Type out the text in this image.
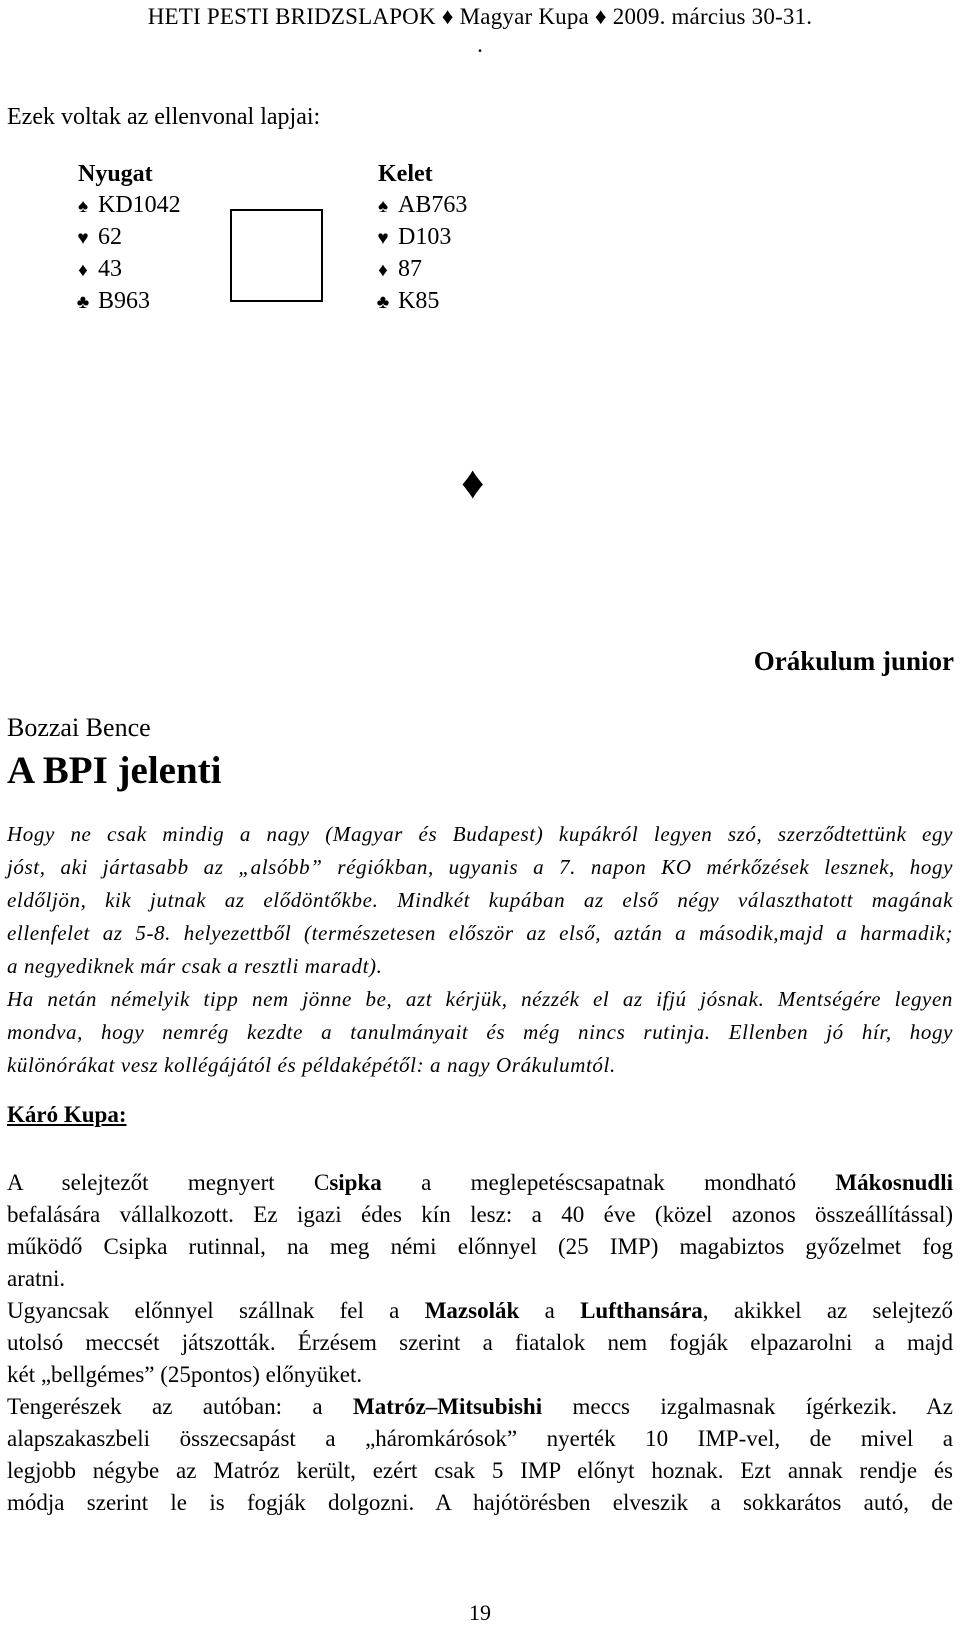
HETI PESTI BRIDZSLAPOK ♦ Magyar Kupa ♦ 2009. március 30-31.
.
Ezek voltak az ellenvonal lapjai:
Nyugat
♠ KD1042
♥ 62
♦ 43
♣ B963
Kelet
♠ AB763
♥ D103
♦ 87
♣ K85
♦
Orákulum junior
Bozzai Bence
A BPI jelenti
Hogy ne csak mindig a nagy (Magyar és Budapest) kupákról legyen szó, szerződtettünk egy
jóst, aki jártasabb az „alsóbb” régiókban, ugyanis a 7. napon KO mérkőzések lesznek, hogy
eldőljön, kik jutnak az elődöntőkbe. Mindkét kupában az első négy választhatott magának
ellenfelet az 5-8. helyezettből (természetesen először az első, aztán a második,majd a harmadik;
a negyediknek már csak a resztli maradt).
Ha netán némelyik tipp nem jönne be, azt kérjük, nézzék el az ifjú jósnak. Mentségére legyen
mondva, hogy nemrég kezdte a tanulmányait és még nincs rutinja. Ellenben jó hír, hogy
különórákat vesz kollégájától és példaképétől: a nagy Orákulumtól.
Káró Kupa:
A selejtezőt megnyert Csipka a meglepetéscsapatnak mondható Mákosnudli
befalására vállalkozott. Ez igazi édes kín lesz: a 40 éve (közel azonos összeállítással)
működő Csipka rutinnal, na meg némi előnnyel (25 IMP) magabiztos győzelmet fog
aratni.
Ugyancsak előnnyel szállnak fel a Mazsolák a Lufthansára, akikkel az selejtező
utolsó meccsét játszották. Érzésem szerint a fiatalok nem fogják elpazarolni a majd
két „bellgémes” (25pontos) előnyüket.
Tengerészek az autóban: a Matróz–Mitsubishi meccs izgalmasnak ígérkezik. Az
alapszakaszbeli összecsapást a „háromkárósok” nyerték 10 IMP-vel, de mivel a
legjobb négybe az Matróz került, ezért csak 5 IMP előnyt hoznak. Ezt annak rendje és
módja szerint le is fogják dolgozni. A hajótörésben elveszik a sokkarátos autó, de
19
